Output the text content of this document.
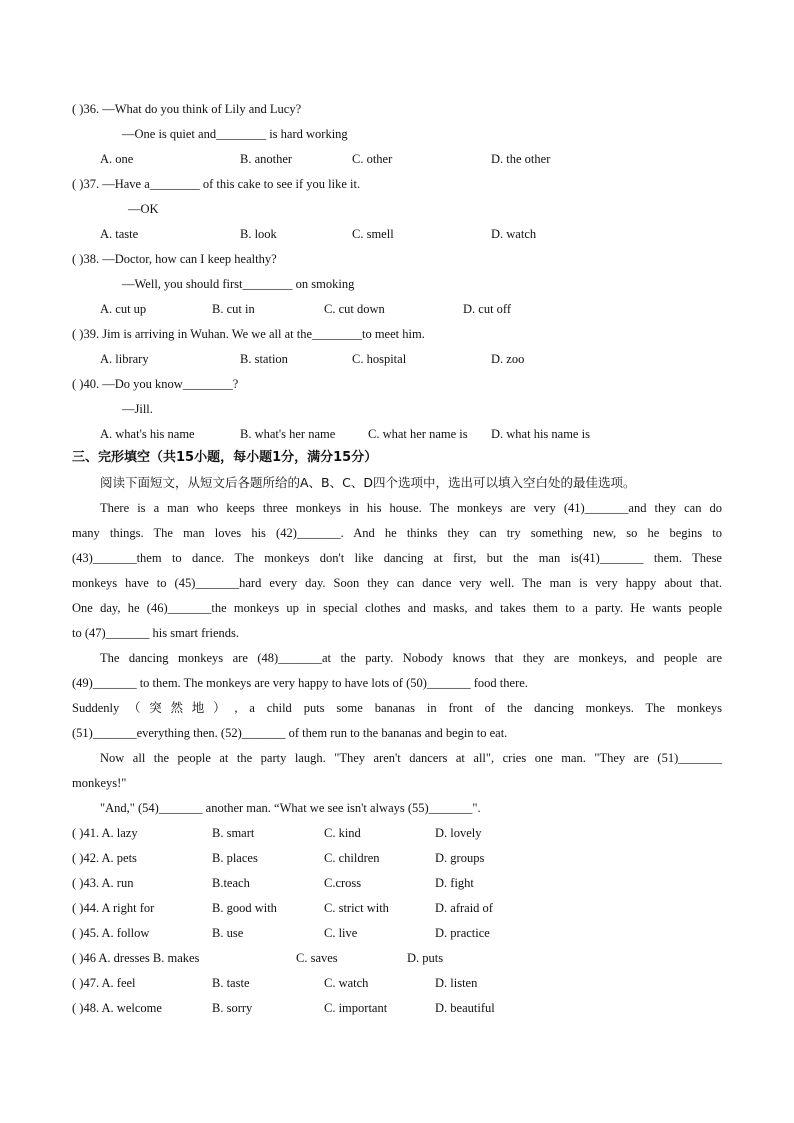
( )36. —What do you think of Lily and Lucy?
—One is quiet and________ is hard working
A. one	B. another	C. other	D. the other
( )37. —Have a________ of this cake to see if you like it.
—OK
A. taste	B. look	C. smell	D. watch
( )38. —Doctor, how can I keep healthy?
—Well, you should first________ on smoking
A. cut up	B. cut in	C. cut down	D. cut off
( )39. Jim is arriving in Wuhan. We we all at the________to meet him.
A. library	B. station	C. hospital	D. zoo
( )40. —Do you know________?
—Jill.
A. what's his name	B. what's her name	C. what her name is D. what his name is
三、完形填空（共15小题，每小题1分，满分15分）
阅读下面短文，从短文后各题所给的A、B、C、D四个选项中，选出可以填入空白处的最佳选项。
There is a man who keeps three monkeys in his house. The monkeys are very (41)_______and they can do
many things. The man loves his (42)_______. And he thinks they can try something new, so he begins to
(43)_______them to dance. The monkeys don't like dancing at first, but the man is(41)_______ them. These
monkeys have to (45)_______hard every day. Soon they can dance very well. The man is very happy about that.
One day, he (46)_______the monkeys up in special clothes and masks, and takes them to a party. He wants people
to (47)_______ his smart friends.
The dancing monkeys are (48)_______at the party. Nobody knows that they are monkeys, and people are
(49)_______ to them. The monkeys are very happy to have lots of (50)_______ food there.
Suddenly（突然地）, a child puts some bananas in front of the dancing monkeys. The monkeys
(51)_______everything then. (52)_______ of them run to the bananas and begin to eat.
Now all the people at the party laugh. "They aren't dancers at all", cries one man. "They are (51)_______
monkeys!"
"And," (54)_______ another man. “What we see isn't always (55)_______".
( )41. A. lazy	B. smart	C. kind	D. lovely
( )42. A. pets	B. places	C. children	D. groups
( )43. A. run	B.teach	C.cross	D. fight
( )44. A right for	B. good with	C. strict with	D. afraid of
( )45. A. follow	B. use	C. live	D. practice
( )46 A. dresses B. makes	C. saves	D. puts
( )47. A. feel	B. taste	C. watch	D. listen
( )48. A. welcome	B. sorry	C. important	D. beautiful
